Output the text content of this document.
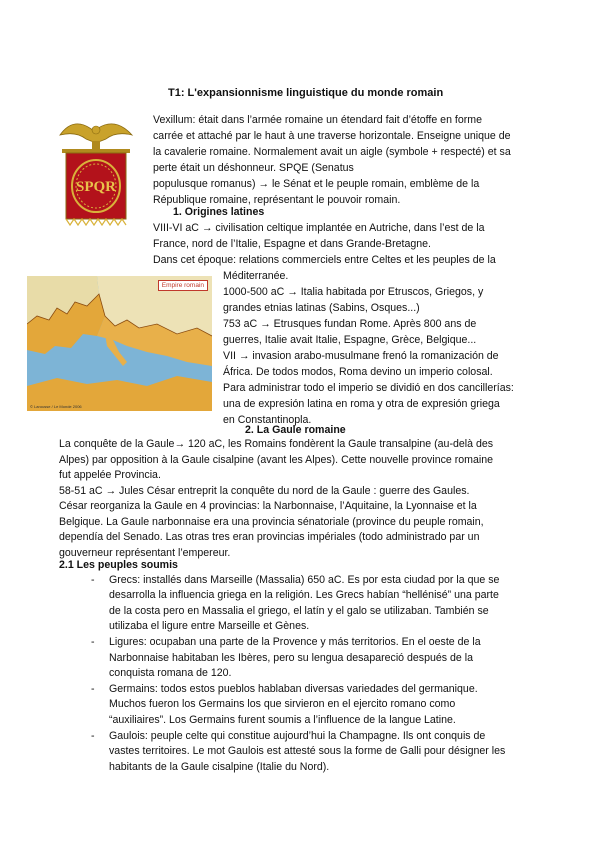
T1: L'expansionnisme linguistique du monde romain
SPQR
Vexillum: était dans l’armée romaine un étendard fait d’étoffe en forme
carrée et attaché par le haut à une traverse horizontale. Enseigne unique de
la cavalerie romaine. Normalement avait un aigle (symbole + respecté) et sa
perte était un déshonneur. SPQE (Senatus
populusque romanus) → le Sénat et le peuple romain, emblème de la
République romaine, représentant le pouvoir romain.
1. Origines latines
VIII-VI aC → civilisation celtique implantée en Autriche, dans l’est de la
France, nord de l’Italie, Espagne et dans Grande-Bretagne.
Dans cet époque: relations commerciels entre Celtes et les peuples de la
Empire romain
© Larousse / Le Monde 2006
Méditerranée.
1000-500 aC → Italia habitada por Etruscos, Griegos, y
grandes etnias latinas (Sabins, Osques...)
753 aC → Etrusques fundan Rome. Après 800 ans de
guerres, Italie avait Italie, Espagne, Grèce, Belgique...
VII → invasion arabo-musulmane frenó la romanización de
África. De todos modos, Roma devino un imperio colosal.
Para administrar todo el imperio se dividió en dos cancillerías:
una de expresión latina en roma y otra de expresión griega
en Constantinopla.
2. La Gaule romaine
La conquête de la Gaule→ 120 aC, les Romains fondèrent la Gaule transalpine (au-delà des
Alpes) par opposition à la Gaule cisalpine (avant les Alpes). Cette nouvelle province romaine
fut appelée Provincia.
58-51 aC → Jules César entreprit la conquête du nord de la Gaule : guerre des Gaules.
César reorganiza la Gaule en 4 provincias: la Narbonnaise, l’Aquitaine, la Lyonnaise et la
Belgique. La Gaule narbonnaise era una provincia sénatoriale (province du peuple romain,
dependía del Senado. Las otras tres eran provincias impériales (todo administrado par un
gouverneur représentant l’empereur.
2.1 Les peuples soumis
- Grecs: installés dans Marseille (Massalia) 650 aC. Es por esta ciudad por la que se
desarrolla la influencia griega en la religión. Les Grecs habían “hellénisé” una parte
de la costa pero en Massalia el griego, el latín y el galo se utilizaban. También se
utilizaba el ligure entre Marseille et Gènes.
- Ligures: ocupaban una parte de la Provence y más territorios. En el oeste de la
Narbonnaise habitaban les Ibères, pero su lengua desapareció después de la
conquista romana de 120.
- Germains: todos estos pueblos hablaban diversas variedades del germanique.
Muchos fueron los Germains los que sirvieron en el ejercito romano como
“auxiliaires”. Los Germains furent soumis a l’influence de la langue Latine.
- Gaulois: peuple celte qui constitue aujourd’hui la Champagne. Ils ont conquis de
vastes territoires. Le mot Gaulois est attesté sous la forme de Galli pour désigner les
habitants de la Gaule cisalpine (Italie du Nord).
